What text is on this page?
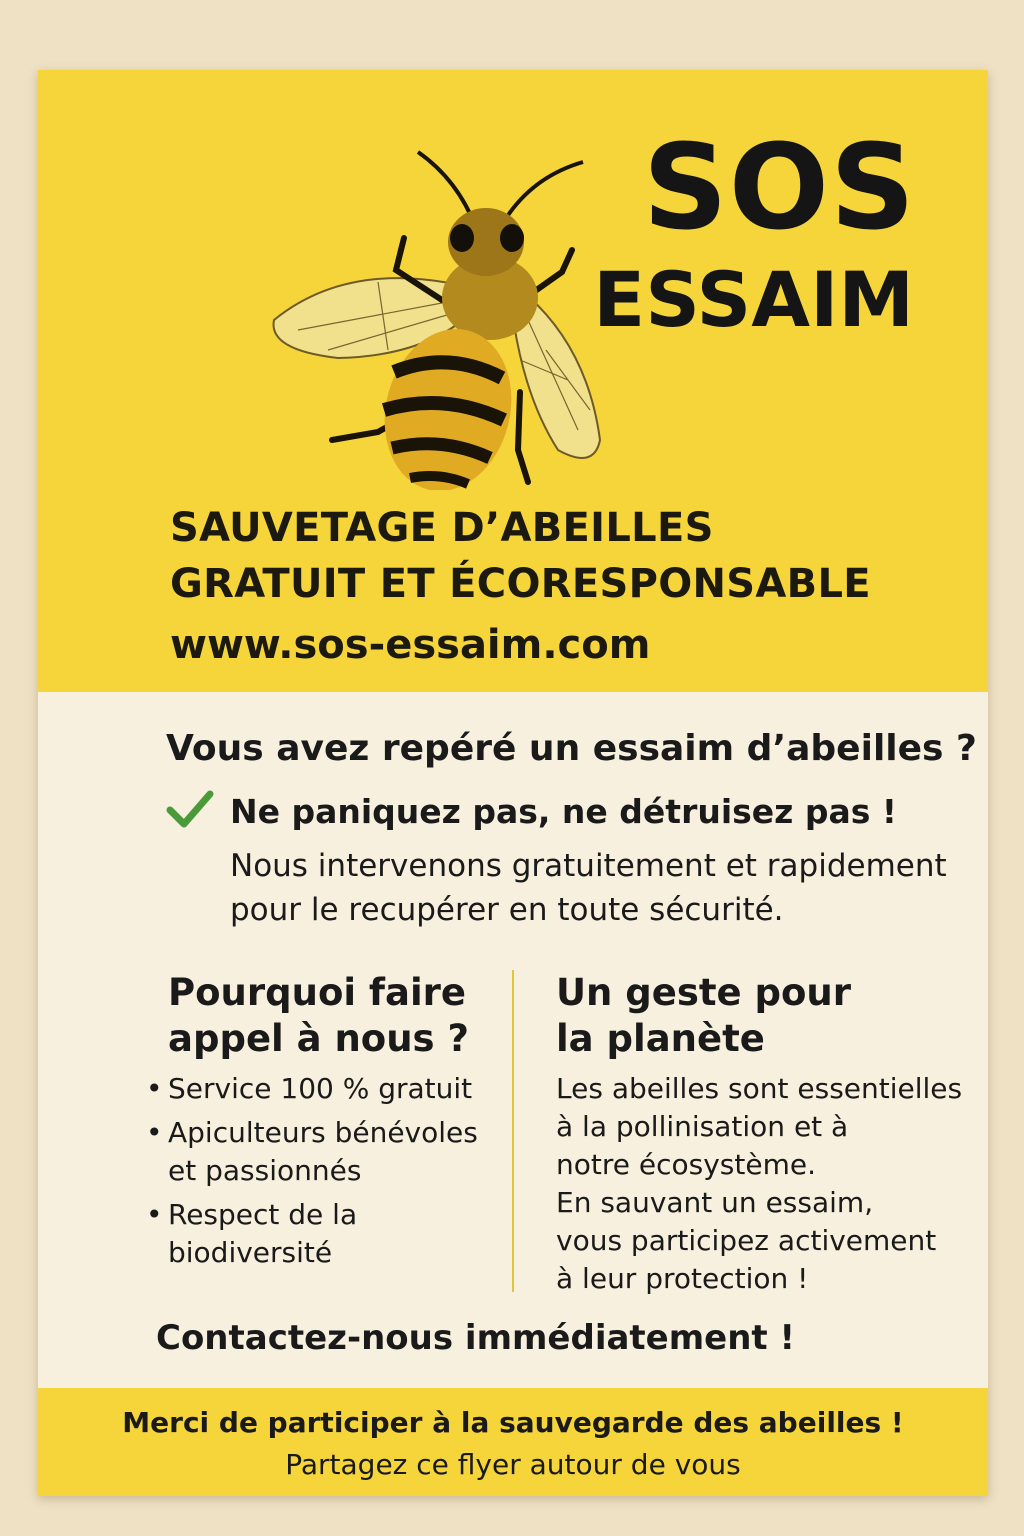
SOS
ESSAIM
SAUVETAGE D’ABEILLES
GRATUIT ET ÉCORESPONSABLE
www.sos-essaim.com
Vous avez repéré un essaim d’abeilles ?
Ne paniquez pas, ne détruisez pas !
Nous intervenons gratuitement et rapidement
pour le recupérer en toute sécurité.
Pourquoi faire
appel à nous ?
Un geste pour
la planète
• Service 100 % gratuit
• Apiculteurs bénévoles
et passionnés
• Respect de la biodiversité
Les abeilles sont essentielles
à la pollinisation et à
notre écosystème.
En sauvant un essaim,
vous participez activement
à leur protection !
Contactez-nous immédiatement !
Merci de participer à la sauvegarde des abeilles !
Partagez ce flyer autour de vous
